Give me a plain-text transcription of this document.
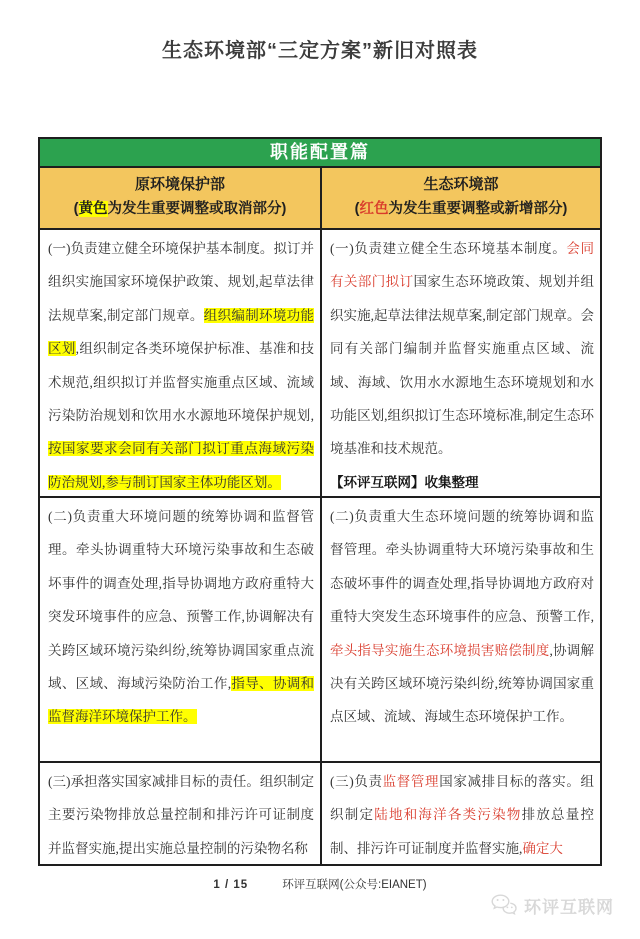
生态环境部“三定方案”新旧对照表
职能配置篇
原环境保护部
(黄色为发生重要调整或取消部分)
生态环境部
(红色为发生重要调整或新增部分)
(一)负责建立健全环境保护基本制度。拟订并组织实施国家环境保护政策、规划,起草法律法规草案,制定部门规章。组织编制环境功能区划,组织制定各类环境保护标准、基准和技术规范,组织拟订并监督实施重点区域、流域污染防治规划和饮用水水源地环境保护规划,按国家要求会同有关部门拟订重点海域污染防治规划,参与制订国家主体功能区划。
(一)负责建立健全生态环境基本制度。会同有关部门拟订国家生态环境政策、规划并组织实施,起草法律法规草案,制定部门规章。会同有关部门编制并监督实施重点区域、流域、海域、饮用水水源地生态环境规划和水功能区划,组织拟订生态环境标准,制定生态环境基准和技术规范。
【环评互联网】收集整理
(二)负责重大环境问题的统筹协调和监督管理。牵头协调重特大环境污染事故和生态破坏事件的调查处理,指导协调地方政府重特大突发环境事件的应急、预警工作,协调解决有关跨区域环境污染纠纷,统筹协调国家重点流域、区域、海域污染防治工作,指导、协调和监督海洋环境保护工作。
(二)负责重大生态环境问题的统筹协调和监督管理。牵头协调重特大环境污染事故和生态破坏事件的调查处理,指导协调地方政府对重特大突发生态环境事件的应急、预警工作,牵头指导实施生态环境损害赔偿制度,协调解决有关跨区域环境污染纠纷,统筹协调国家重点区域、流域、海域生态环境保护工作。
(三)承担落实国家减排目标的责任。组织制定主要污染物排放总量控制和排污许可证制度并监督实施,提出实施总量控制的污染物名称
(三)负责监督管理国家减排目标的落实。组织制定陆地和海洋各类污染物排放总量控制、排污许可证制度并监督实施,确定大
1 / 15	环评互联网(公众号:EIANET)
环评互联网
